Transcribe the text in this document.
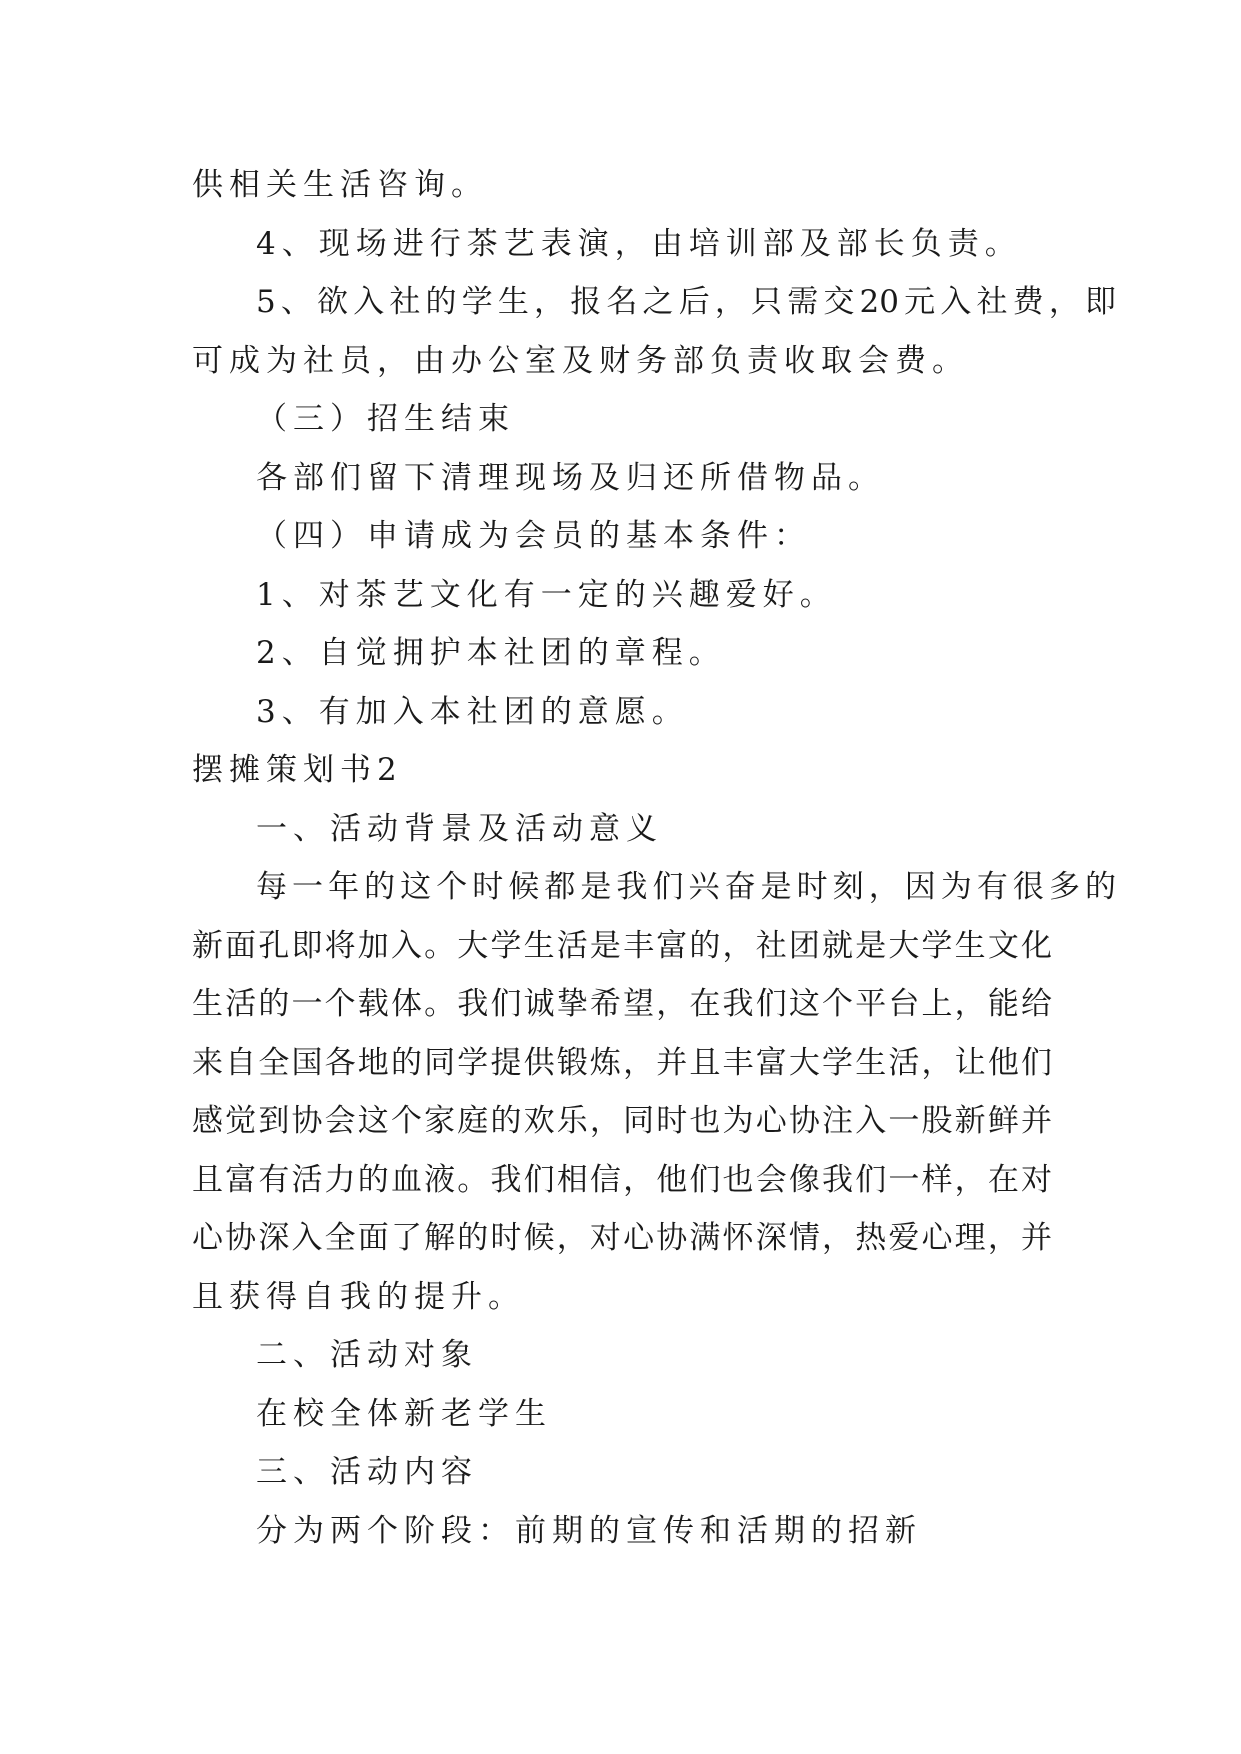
供相关生活咨询。
4、现场进行茶艺表演，由培训部及部长负责。
5、欲入社的学生，报名之后，只需交20元入社费，即
可成为社员，由办公室及财务部负责收取会费。
（三）招生结束
各部们留下清理现场及归还所借物品。
（四）申请成为会员的基本条件：
1、对茶艺文化有一定的兴趣爱好。
2、自觉拥护本社团的章程。
3、有加入本社团的意愿。
摆摊策划书2
一、活动背景及活动意义
每一年的这个时候都是我们兴奋是时刻，因为有很多的
新面孔即将加入。大学生活是丰富的，社团就是大学生文化
生活的一个载体。我们诚挚希望，在我们这个平台上，能给
来自全国各地的同学提供锻炼，并且丰富大学生活，让他们
感觉到协会这个家庭的欢乐，同时也为心协注入一股新鲜并
且富有活力的血液。我们相信，他们也会像我们一样，在对
心协深入全面了解的时候，对心协满怀深情，热爱心理，并
且获得自我的提升。
二、活动对象
在校全体新老学生
三、活动内容
分为两个阶段：前期的宣传和活期的招新
